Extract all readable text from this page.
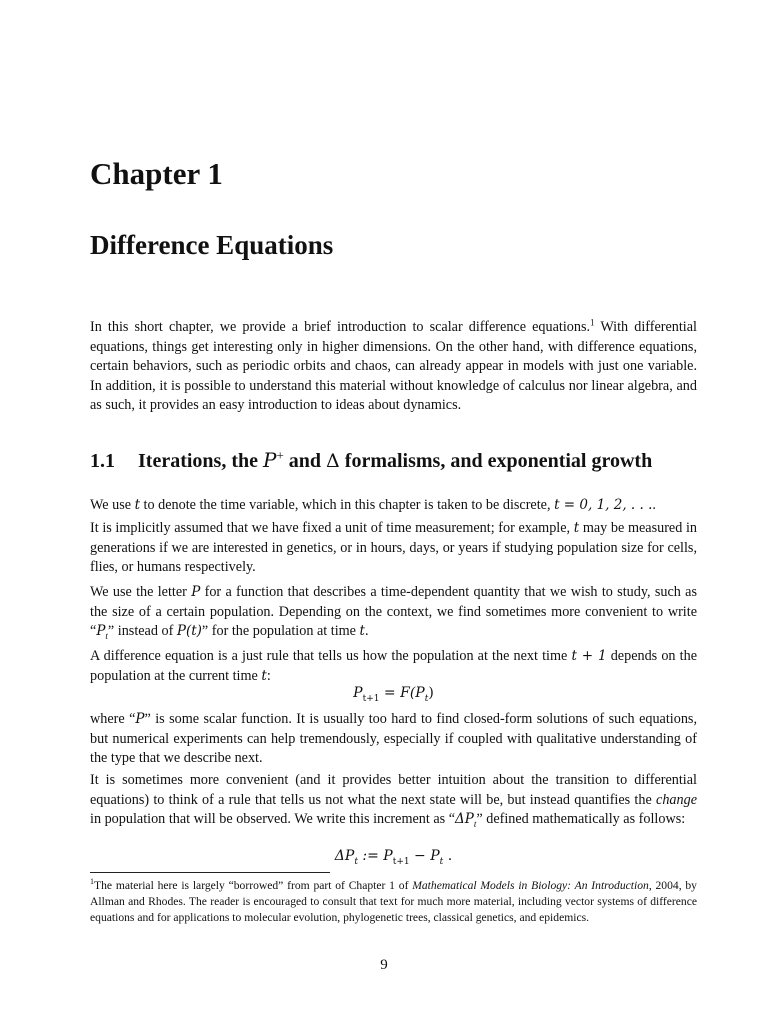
Chapter 1
Difference Equations

In this short chapter, we provide a brief introduction to scalar difference equations.$^1$ With differential equations, things get interesting only in higher dimensions. On the other hand, with difference equations, certain behaviors, such as periodic orbits and chaos, can already appear in models with just one variable. In addition, it is possible to understand this material without knowledge of calculus nor linear algebra, and as such, it provides an easy introduction to ideas about dynamics.

1.1 Iterations, the P+ and Δ formalisms, and exponential growth

We use t to denote the time variable, which in this chapter is taken to be discrete, t = 0, 1, 2, . . ..

It is implicitly assumed that we have fixed a unit of time measurement; for example, t may be measured in generations if we are interested in genetics, or in hours, days, or years if studying population size for cells, flies, or humans respectively.

We use the letter P for a function that describes a time-dependent quantity that we wish to study, such as the size of a certain population. Depending on the context, we find sometimes more convenient to write “$P_t$” instead of P(t)” for the population at time t.

A difference equation is a just rule that tells us how the population at the next time t + 1 depends on the population at the current time t:

$P_{t+1} = F(P_t)$

where “P” is some scalar function. It is usually too hard to find closed-form solutions of such equations, but numerical experiments can help tremendously, especially if coupled with qualitative understanding of the type that we describe next.

It is sometimes more convenient (and it provides better intuition about the transition to differential equations) to think of a rule that tells us not what the next state will be, but instead quantifies the change in population that will be observed. We write this increment as “$\Delta P_t$” defined mathematically as follows:

$\Delta P_t$ := $P_{t+1} - P_t$ .

$^1$The material here is largely “borrowed” from part of Chapter 1 of Mathematical Models in Biology: An Introduction, 2004, by Allman and Rhodes. The reader is encouraged to consult that text for much more material, including vector systems of difference equations and for applications to molecular evolution, phylogenetic trees, classical genetics, and epidemics.

9
